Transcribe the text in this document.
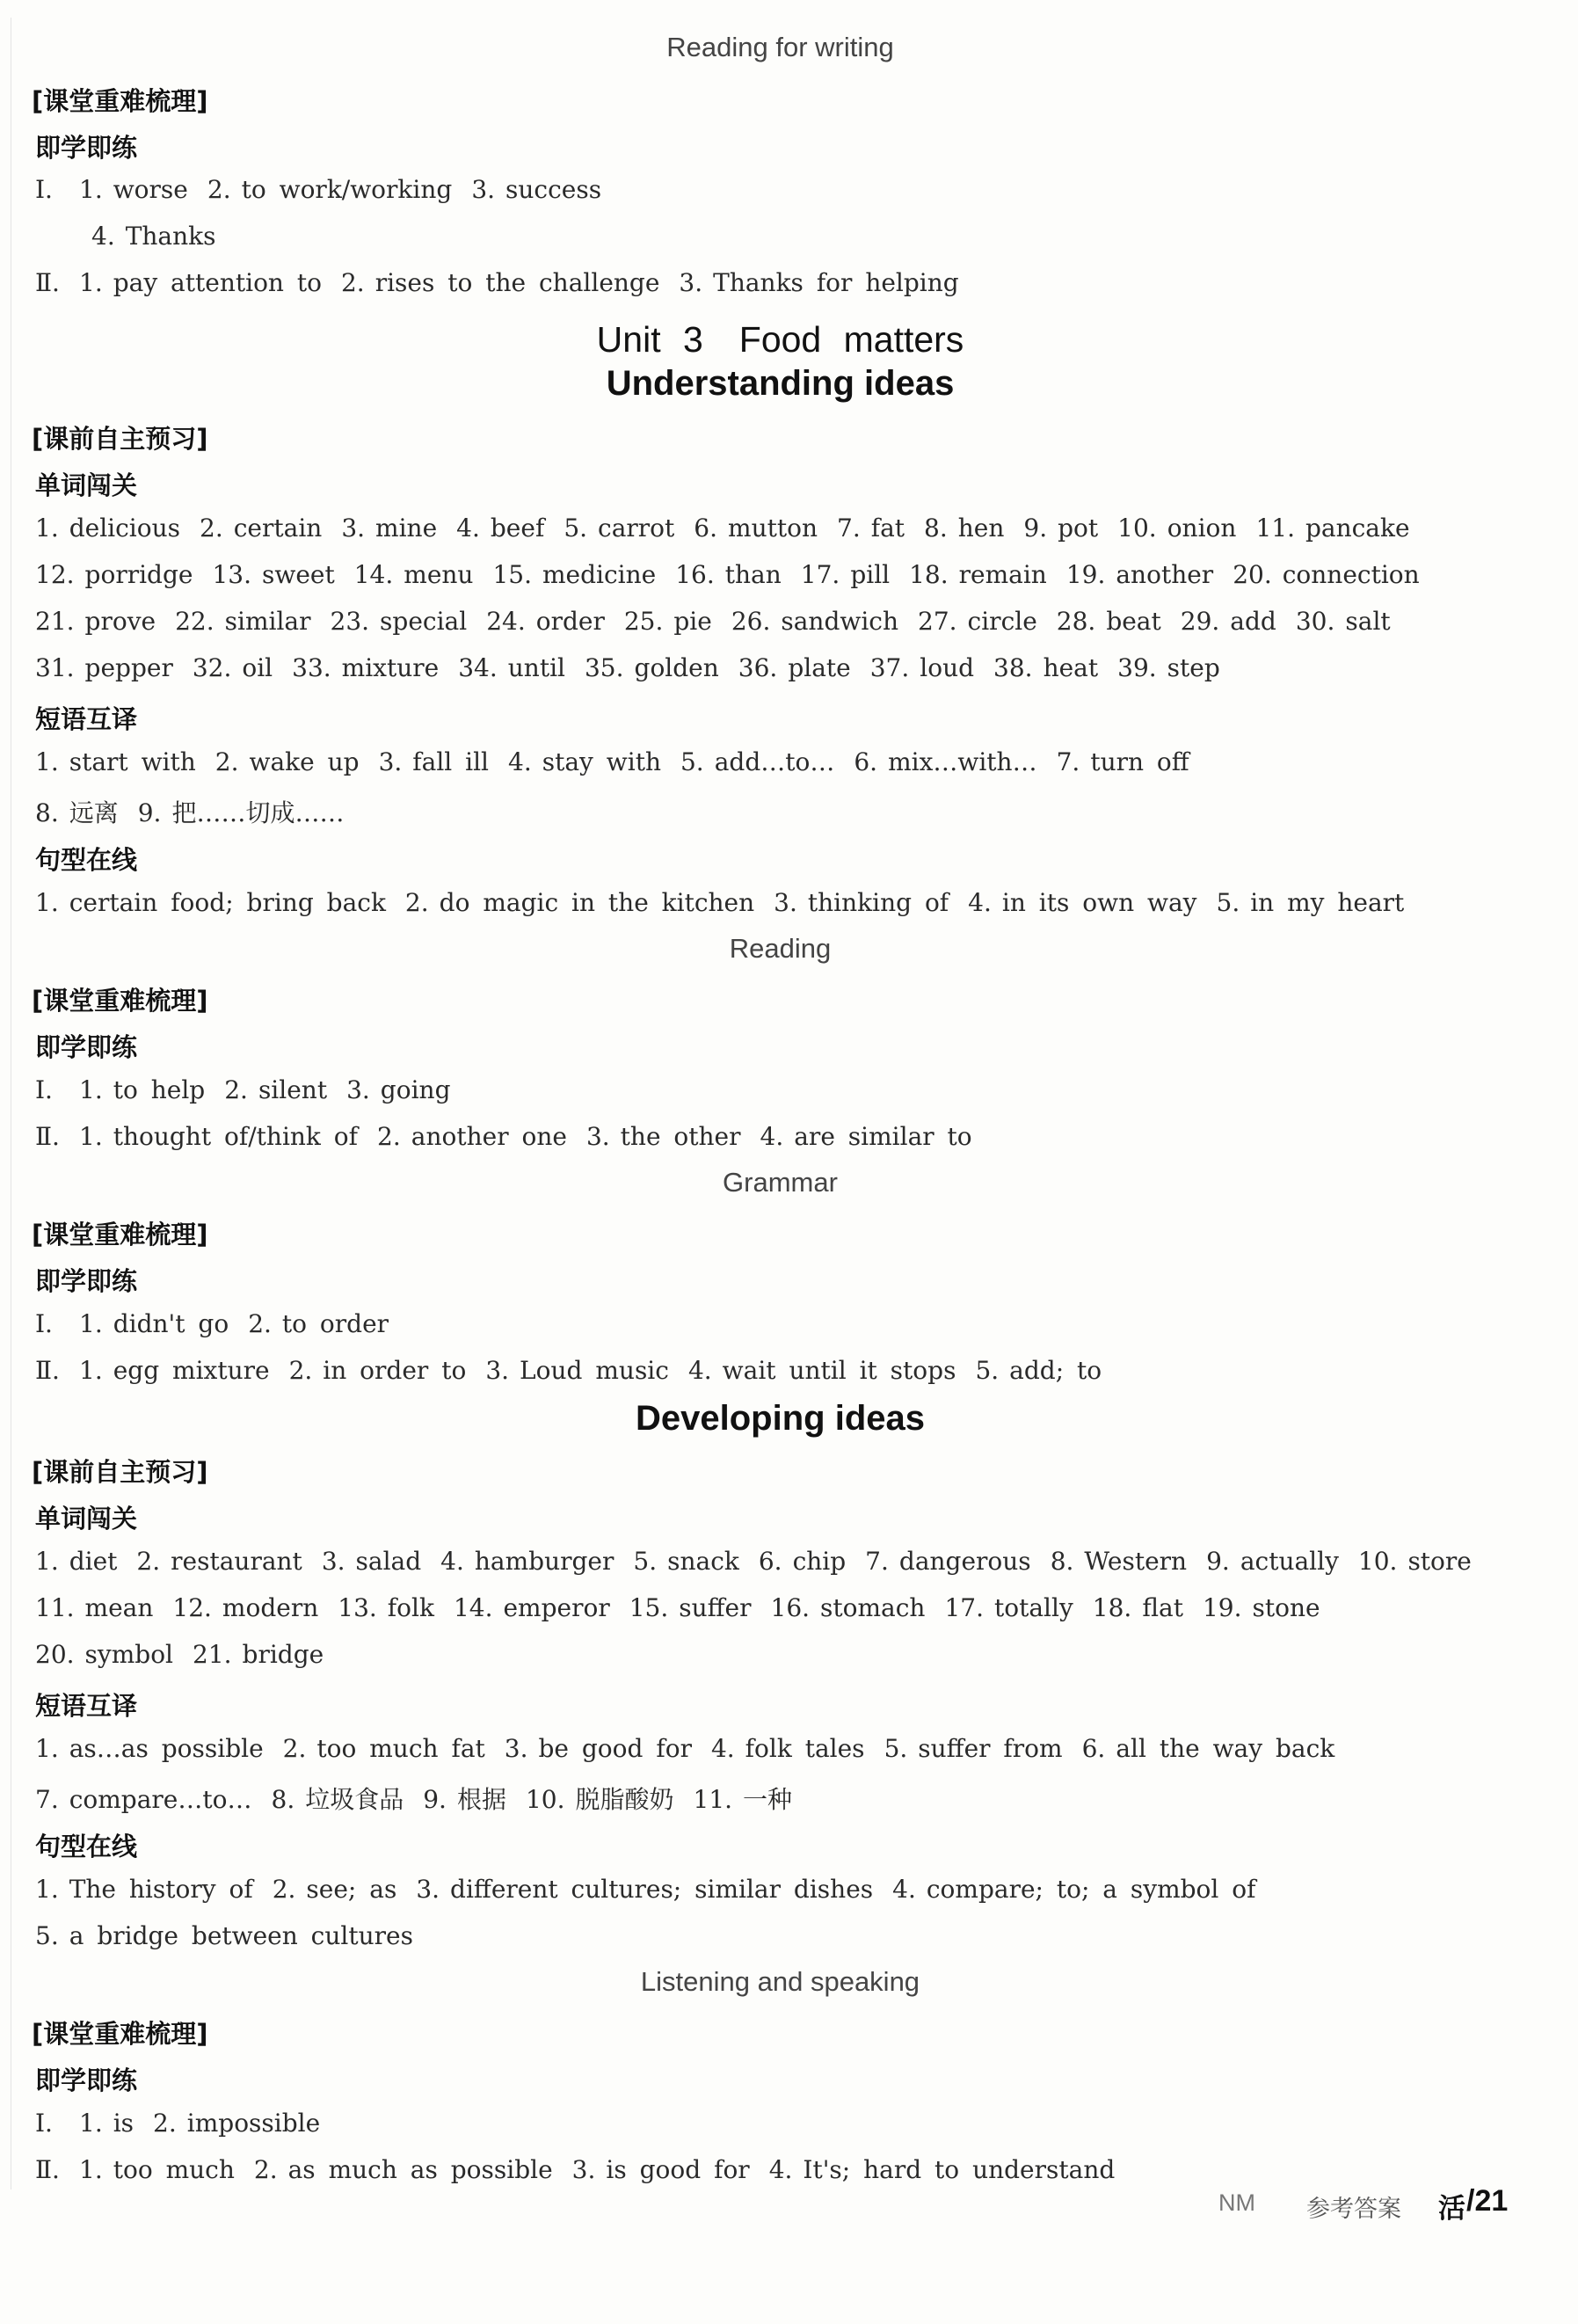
Reading for writing
[课堂重难梳理]
即学即练
Ⅰ. 1. worse 2. to work/working 3. success
4. Thanks
Ⅱ. 1. pay attention to 2. rises to the challenge 3. Thanks for helping
Unit 3　Food matters
Understanding ideas
[课前自主预习]
单词闯关
1. delicious 2. certain 3. mine 4. beef 5. carrot 6. mutton 7. fat 8. hen 9. pot 10. onion 11. pancake
12. porridge 13. sweet 14. menu 15. medicine 16. than 17. pill 18. remain 19. another 20. connection
21. prove 22. similar 23. special 24. order 25. pie 26. sandwich 27. circle 28. beat 29. add 30. salt
31. pepper 32. oil 33. mixture 34. until 35. golden 36. plate 37. loud 38. heat 39. step
短语互译
1. start with 2. wake up 3. fall ill 4. stay with 5. add…to… 6. mix…with… 7. turn off
8. 远离 9. 把……切成……
句型在线
1. certain food; bring back 2. do magic in the kitchen 3. thinking of 4. in its own way 5. in my heart
Reading
[课堂重难梳理]
即学即练
Ⅰ. 1. to help 2. silent 3. going
Ⅱ. 1. thought of/think of 2. another one 3. the other 4. are similar to
Grammar
[课堂重难梳理]
即学即练
Ⅰ. 1. didn't go 2. to order
Ⅱ. 1. egg mixture 2. in order to 3. Loud music 4. wait until it stops 5. add; to
Developing ideas
[课前自主预习]
单词闯关
1. diet 2. restaurant 3. salad 4. hamburger 5. snack 6. chip 7. dangerous 8. Western 9. actually 10. store
11. mean 12. modern 13. folk 14. emperor 15. suffer 16. stomach 17. totally 18. flat 19. stone
20. symbol 21. bridge
短语互译
1. as…as possible 2. too much fat 3. be good for 4. folk tales 5. suffer from 6. all the way back
7. compare…to… 8. 垃圾食品 9. 根据 10. 脱脂酸奶 11. 一种
句型在线
1. The history of 2. see; as 3. different cultures; similar dishes 4. compare; to; a symbol of
5. a bridge between cultures
Listening and speaking
[课堂重难梳理]
即学即练
Ⅰ. 1. is 2. impossible
Ⅱ. 1. too much 2. as much as possible 3. is good for 4. It's; hard to understand
NM 参考答案 活 /21
